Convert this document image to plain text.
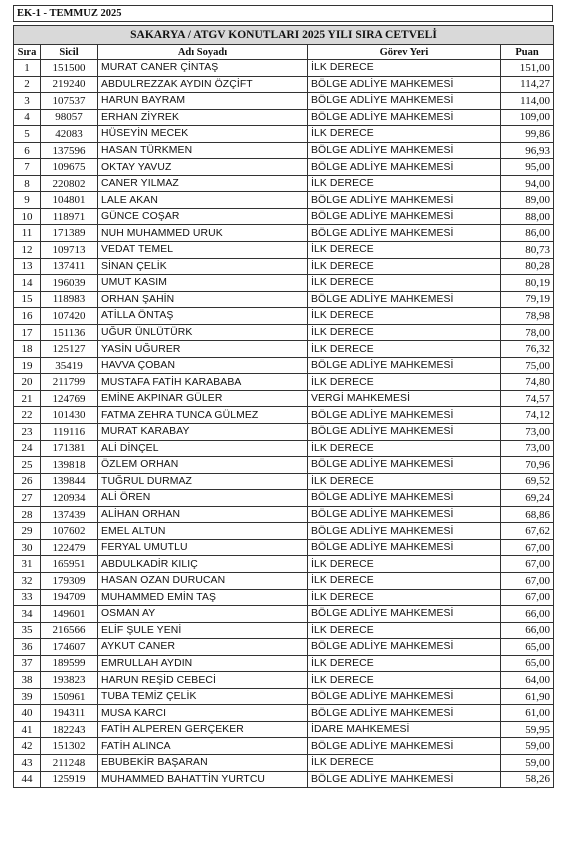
EK-1 - TEMMUZ 2025
SAKARYA / ATGV KONUTLARI 2025 YILI SIRA CETVELİ				
Sıra	Sicil	Adı Soyadı	Görev Yeri	Puan
1	151500	MURAT CANER ÇİNTAŞ	İLK DERECE	151,00
2	219240	ABDULREZZAK AYDIN ÖZÇİFT	BÖLGE ADLİYE MAHKEMESİ	114,27
3	107537	HARUN BAYRAM	BÖLGE ADLİYE MAHKEMESİ	114,00
4	98057	ERHAN ZİYREK	BÖLGE ADLİYE MAHKEMESİ	109,00
5	42083	HÜSEYİN MECEK	İLK DERECE	99,86
6	137596	HASAN TÜRKMEN	BÖLGE ADLİYE MAHKEMESİ	96,93
7	109675	OKTAY YAVUZ	BÖLGE ADLİYE MAHKEMESİ	95,00
8	220802	CANER YILMAZ	İLK DERECE	94,00
9	104801	LALE AKAN	BÖLGE ADLİYE MAHKEMESİ	89,00
10	118971	GÜNCE COŞAR	BÖLGE ADLİYE MAHKEMESİ	88,00
11	171389	NUH MUHAMMED URUK	BÖLGE ADLİYE MAHKEMESİ	86,00
12	109713	VEDAT TEMEL	İLK DERECE	80,73
13	137411	SİNAN ÇELİK	İLK DERECE	80,28
14	196039	UMUT KASIM	İLK DERECE	80,19
15	118983	ORHAN ŞAHİN	BÖLGE ADLİYE MAHKEMESİ	79,19
16	107420	ATİLLA ÖNTAŞ	İLK DERECE	78,98
17	151136	UĞUR ÜNLÜTÜRK	İLK DERECE	78,00
18	125127	YASİN UĞURER	İLK DERECE	76,32
19	35419	HAVVA ÇOBAN	BÖLGE ADLİYE MAHKEMESİ	75,00
20	211799	MUSTAFA FATİH KARABABA	İLK DERECE	74,80
21	124769	EMİNE AKPINAR GÜLER	VERGİ MAHKEMESİ	74,57
22	101430	FATMA ZEHRA TUNCA GÜLMEZ	BÖLGE ADLİYE MAHKEMESİ	74,12
23	119116	MURAT KARABAY	BÖLGE ADLİYE MAHKEMESİ	73,00
24	171381	ALİ DİNÇEL	İLK DERECE	73,00
25	139818	ÖZLEM ORHAN	BÖLGE ADLİYE MAHKEMESİ	70,96
26	139844	TUĞRUL DURMAZ	İLK DERECE	69,52
27	120934	ALİ ÖREN	BÖLGE ADLİYE MAHKEMESİ	69,24
28	137439	ALİHAN ORHAN	BÖLGE ADLİYE MAHKEMESİ	68,86
29	107602	EMEL ALTUN	BÖLGE ADLİYE MAHKEMESİ	67,62
30	122479	FERYAL UMUTLU	BÖLGE ADLİYE MAHKEMESİ	67,00
31	165951	ABDULKADİR KILIÇ	İLK DERECE	67,00
32	179309	HASAN OZAN DURUCAN	İLK DERECE	67,00
33	194709	MUHAMMED EMİN TAŞ	İLK DERECE	67,00
34	149601	OSMAN AY	BÖLGE ADLİYE MAHKEMESİ	66,00
35	216566	ELİF ŞULE YENİ	İLK DERECE	66,00
36	174607	AYKUT CANER	BÖLGE ADLİYE MAHKEMESİ	65,00
37	189599	EMRULLAH AYDIN	İLK DERECE	65,00
38	193823	HARUN REŞİD CEBECİ	İLK DERECE	64,00
39	150961	TUBA TEMİZ ÇELİK	BÖLGE ADLİYE MAHKEMESİ	61,90
40	194311	MUSA KARCI	BÖLGE ADLİYE MAHKEMESİ	61,00
41	182243	FATİH ALPEREN GERÇEKER	İDARE MAHKEMESİ	59,95
42	151302	FATİH ALINCA	BÖLGE ADLİYE MAHKEMESİ	59,00
43	211248	EBUBEKİR BAŞARAN	İLK DERECE	59,00
44	125919	MUHAMMED BAHATTİN YURTCU	BÖLGE ADLİYE MAHKEMESİ	58,26
